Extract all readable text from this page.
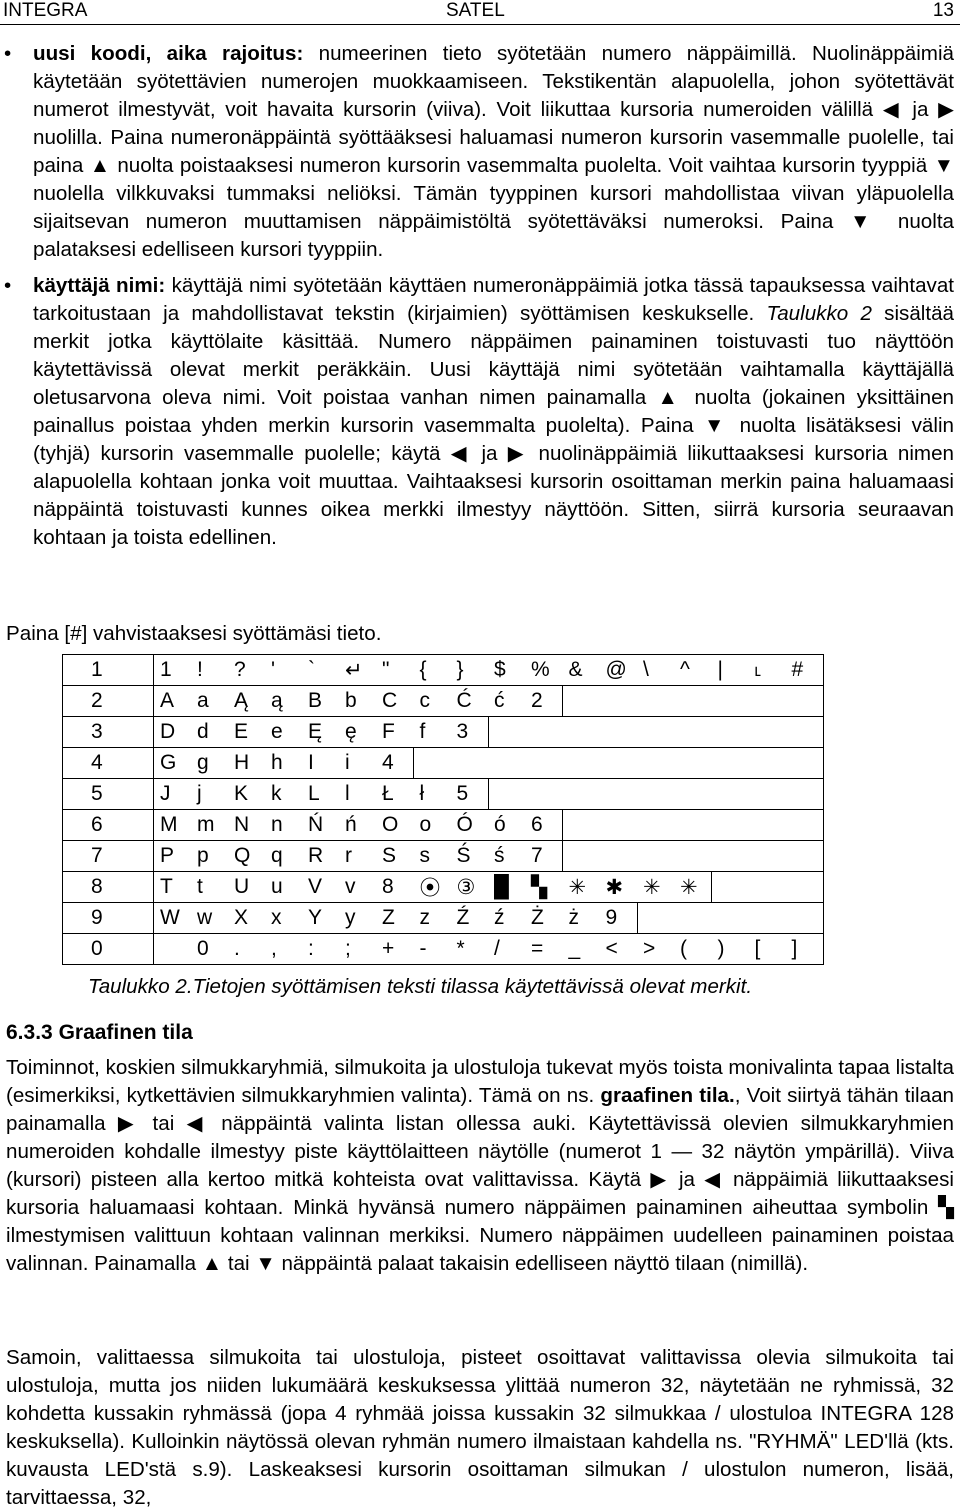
INTEGRA	SATEL	13
• uusi koodi, aika rajoitus: numeerinen tieto syötetään numero näppäimillä. Nuolinäppäimiä käytetään syötettävien numerojen muokkaamiseen. Tekstikentän alapuolella, johon syötettävät numerot ilmestyvät, voit havaita kursorin (viiva). Voit liikuttaa kursoria numeroiden välillä ◀ ja ▶ nuolilla. Paina numeronäppäintä syöttääksesi haluamasi numeron kursorin vasemmalle puolelle, tai paina ▲ nuolta poistaaksesi numeron kursorin vasemmalta puolelta. Voit vaihtaa kursorin tyyppiä ▼ nuolella vilkkuvaksi tummaksi neliöksi. Tämän tyyppinen kursori mahdollistaa viivan yläpuolella sijaitsevan numeron muuttamisen näppäimistöltä syötettäväksi numeroksi. Paina ▼ nuolta palataksesi edelliseen kursori tyyppiin.
• käyttäjä nimi: käyttäjä nimi syötetään käyttäen numeronäppäimiä jotka tässä tapauksessa vaihtavat tarkoitustaan ja mahdollistavat tekstin (kirjaimien) syöttämisen keskukselle. Taulukko 2 sisältää merkit jotka käyttölaite käsittää. Numero näppäimen painaminen toistuvasti tuo näyttöön käytettävissä olevat merkit peräkkäin. Uusi käyttäjä nimi syötetään vaihtamalla käyttäjällä oletusarvona oleva nimi. Voit poistaa vanhan nimen painamalla ▲ nuolta (jokainen yksittäinen painallus poistaa yhden merkin kursorin vasemmalta puolelta). Paina ▼ nuolta lisätäksesi välin (tyhjä) kursorin vasemmalle puolelle; käytä ◀ ja ▶ nuolinäppäimiä liikuttaaksesi kursoria nimen alapuolella kohtaan jonka voit muuttaa. Vaihtaaksesi kursorin osoittaman merkin paina haluamaasi näppäintä toistuvasti kunnes oikea merkki ilmestyy näyttöön. Sitten, siirrä kursoria seuraavan kohtaan ja toista edellinen.
Paina [#] vahvistaaksesi syöttämäsi tieto.
1	1	!	?	'	`	↵	"	{	}	$	%	&	@	\	^	|	˪	#
2	A	a	Ą	ą	B	b	C	c	Ć	ć	2							
3	D	d	E	e	Ę	ę	F	f	3									
4	G	g	H	h	I	i	4											
5	J	j	K	k	L	l	Ł	ł	5									
6	M	m	N	n	Ń	ń	O	o	Ó	ó	6							
7	P	p	Q	q	R	r	S	s	Ś	ś	7							
8	T	t	U	u	V	v	8	⦿	③	█	▚	✳	✱	✳	✳			
9	W	w	X	x	Y	y	Z	z	Ź	ź	Ż	ż	9					
0		0	.	,	:	;	+	-	*	/	=	_	<	>	(	)	[	]
Taulukko 2.Tietojen syöttämisen teksti tilassa käytettävissä olevat merkit.
6.3.3 Graafinen tila
Toiminnot, koskien silmukkaryhmiä, silmukoita ja ulostuloja tukevat myös toista monivalinta tapaa listalta (esimerkiksi, kytkettävien silmukkaryhmien valinta). Tämä on ns. graafinen tila., Voit siirtyä tähän tilaan painamalla ▶ tai ◀ näppäintä valinta listan ollessa auki. Käytettävissä olevien silmukkaryhmien numeroiden kohdalle ilmestyy piste käyttölaitteen näytölle (numerot 1 — 32 näytön ympärillä). Viiva (kursori) pisteen alla kertoo mitkä kohteista ovat valittavissa. Käytä ▶ ja ◀ näppäimiä liikuttaaksesi kursoria haluamaasi kohtaan. Minkä hyvänsä numero näppäimen painaminen aiheuttaa symbolin ▚ ilmestymisen valittuun kohtaan valinnan merkiksi. Numero näppäimen uudelleen painaminen poistaa valinnan. Painamalla ▲ tai ▼ näppäintä palaat takaisin edelliseen näyttö tilaan (nimillä).
Samoin, valittaessa silmukoita tai ulostuloja, pisteet osoittavat valittavissa olevia silmukoita tai ulostuloja, mutta jos niiden lukumäärä keskuksessa ylittää numeron 32, näytetään ne ryhmissä, 32 kohdetta kussakin ryhmässä (jopa 4 ryhmää joissa kussakin 32 silmukkaa / ulostuloa INTEGRA 128 keskuksella). Kulloinkin näytössä olevan ryhmän numero ilmaistaan kahdella ns. "RYHMÄ" LED'llä (kts. kuvausta LED'stä s.9). Laskeaksesi kursorin osoittaman silmukan / ulostulon numeron, lisää, tarvittaessa, 32,
